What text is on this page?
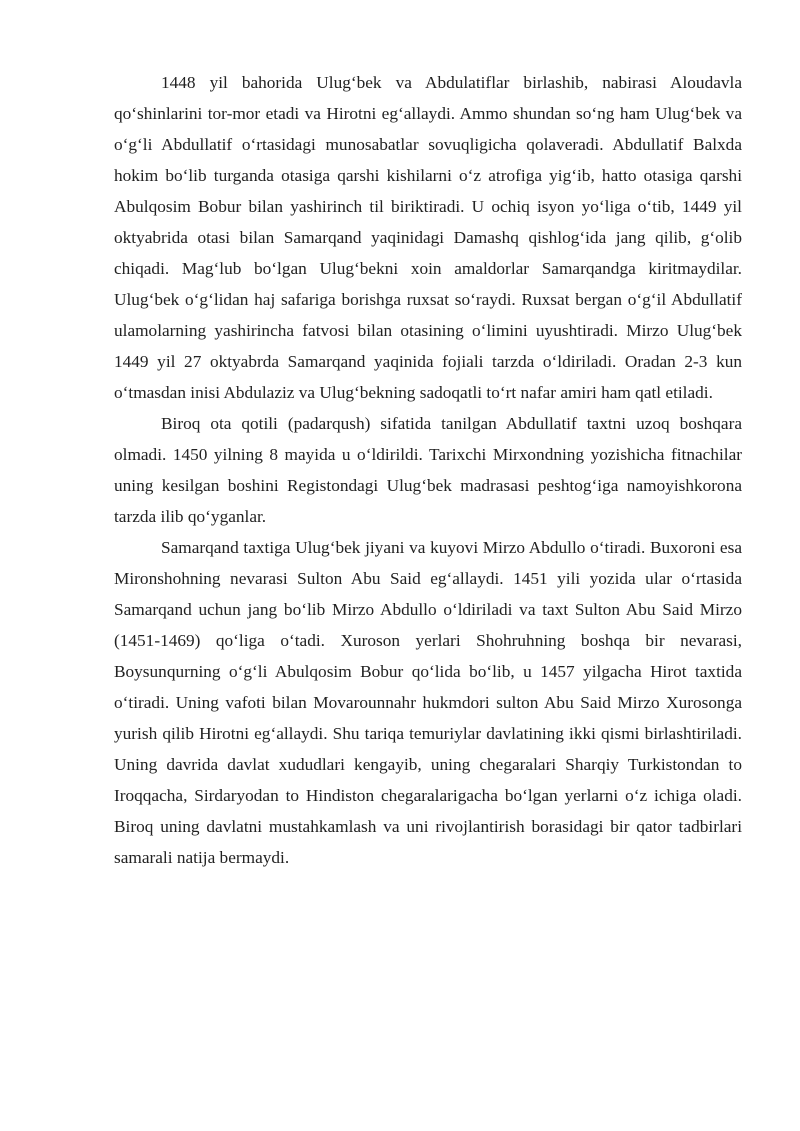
1448 yil bahorida Ulug‘bek va Abdulatiflar birlashib, nabirasi Aloudavla qo‘shinlarini tor-mor etadi va Hirotni eg‘allaydi. Ammo shundan so‘ng ham Ulug‘bek va o‘g‘li Abdullatif o‘rtasidagi munosabatlar sovuqligicha qolaveradi. Abdullatif Balxda hokim bo‘lib turganda otasiga qarshi kishilarni o‘z atrofiga yig‘ib, hatto otasiga qarshi Abulqosim Bobur bilan yashirinch til biriktiradi. U ochiq isyon yo‘liga o‘tib, 1449 yil oktyabrida otasi bilan Samarqand yaqinidagi Damashq qishlog‘ida jang qilib, g‘olib chiqadi. Mag‘lub bo‘lgan Ulug‘bekni xoin amaldorlar Samarqandga kiritmaydilar. Ulug‘bek o‘g‘lidan haj safariga borishga ruxsat so‘raydi. Ruxsat bergan o‘g‘il Abdullatif ulamolarning yashirincha fatvosi bilan otasining o‘limini uyushtiradi. Mirzo Ulug‘bek 1449 yil 27 oktyabrda Samarqand yaqinida fojiali tarzda o‘ldiriladi. Oradan 2-3 kun o‘tmasdan inisi Abdulaziz va Ulug‘bekning sadoqatli to‘rt nafar amiri ham qatl etiladi.

Biroq ota qotili (padarqush) sifatida tanilgan Abdullatif taxtni uzoq boshqara olmadi. 1450 yilning 8 mayida u o‘ldirildi. Tarixchi Mirxondning yozishicha fitnachilar uning kesilgan boshini Registondagi Ulug‘bek madrasasi peshtog‘iga namoyishkorona tarzda ilib qo‘yganlar.

Samarqand taxtiga Ulug‘bek jiyani va kuyovi Mirzo Abdullo o‘tiradi. Buxoroni esa Mironshohning nevarasi Sulton Abu Said eg‘allaydi. 1451 yili yozida ular o‘rtasida Samarqand uchun jang bo‘lib Mirzo Abdullo o‘ldiriladi va taxt Sulton Abu Said Mirzo (1451-1469) qo‘liga o‘tadi. Xuroson yerlari Shohruhning boshqa bir nevarasi, Boysunqurning o‘g‘li Abulqosim Bobur qo‘lida bo‘lib, u 1457 yilgacha Hirot taxtida o‘tiradi. Uning vafoti bilan Movarounnahr hukmdori sulton Abu Said Mirzo Xurosonga yurish qilib Hirotni eg‘allaydi. Shu tariqa temuriylar davlatining ikki qismi birlashtiriladi. Uning davrida davlat xududlari kengayib, uning chegaralari Sharqiy Turkistondan to Iroqqacha, Sirdaryodan to Hindiston chegaralarigacha bo‘lgan yerlarni o‘z ichiga oladi. Biroq uning davlatni mustahkamlash va uni rivojlantirish borasidagi bir qator tadbirlari samarali natija bermaydi.
